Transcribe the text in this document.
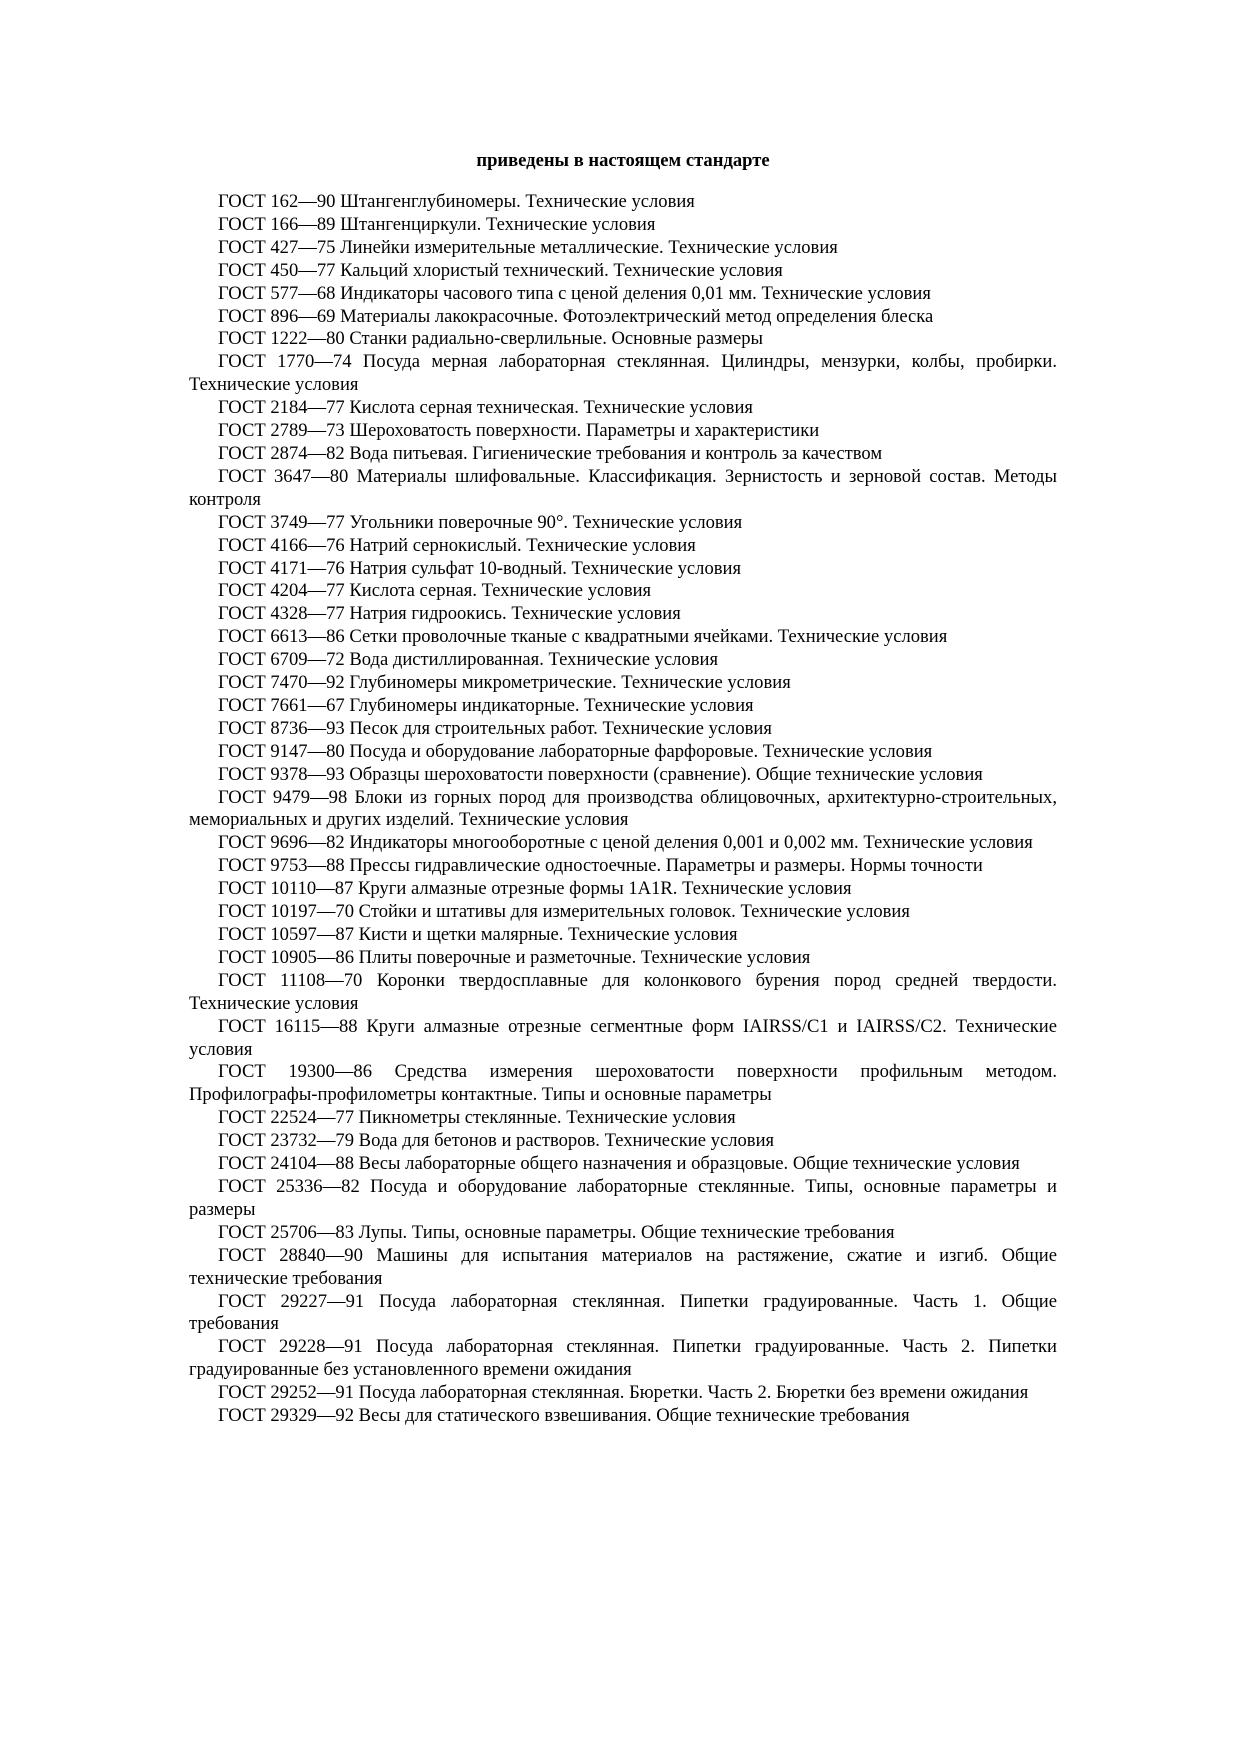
приведены в настоящем стандарте

ГОСТ 162—90 Штангенглубиномеры. Технические условия

ГОСТ 166—89 Штангенциркули. Технические условия

ГОСТ 427—75 Линейки измерительные металлические. Технические условия

ГОСТ 450—77 Кальций хлористый технический. Технические условия

ГОСТ 577—68 Индикаторы часового типа с ценой деления 0,01 мм. Технические условия

ГОСТ 896—69 Материалы лакокрасочные. Фотоэлектрический метод определения блеска

ГОСТ 1222—80 Станки радиально-сверлильные. Основные размеры

ГОСТ 1770—74 Посуда мерная лабораторная стеклянная. Цилиндры, мензурки, колбы, пробирки. Технические условия

ГОСТ 2184—77 Кислота серная техническая. Технические условия

ГОСТ 2789—73 Шероховатость поверхности. Параметры и характеристики

ГОСТ 2874—82 Вода питьевая. Гигиенические требования и контроль за качеством

ГОСТ 3647—80 Материалы шлифовальные. Классификация. Зернистость и зерновой состав. Методы контроля

ГОСТ 3749—77 Угольники поверочные 90°. Технические условия

ГОСТ 4166—76 Натрий сернокислый. Технические условия

ГОСТ 4171—76 Натрия сульфат 10-водный. Технические условия

ГОСТ 4204—77 Кислота серная. Технические условия

ГОСТ 4328—77 Натрия гидроокись. Технические условия

ГОСТ 6613—86 Сетки проволочные тканые с квадратными ячейками. Технические условия

ГОСТ 6709—72 Вода дистиллированная. Технические условия

ГОСТ 7470—92 Глубиномеры микрометрические. Технические условия

ГОСТ 7661—67 Глубиномеры индикаторные. Технические условия

ГОСТ 8736—93 Песок для строительных работ. Технические условия

ГОСТ 9147—80 Посуда и оборудование лабораторные фарфоровые. Технические условия

ГОСТ 9378—93 Образцы шероховатости поверхности (сравнение). Общие технические условия

ГОСТ 9479—98 Блоки из горных пород для производства облицовочных, архитектурно-строительных, мемориальных и других изделий. Технические условия

ГОСТ 9696—82 Индикаторы многооборотные с ценой деления 0,001 и 0,002 мм. Технические условия

ГОСТ 9753—88 Прессы гидравлические одностоечные. Параметры и размеры. Нормы точности

ГОСТ 10110—87 Круги алмазные отрезные формы 1A1R. Технические условия

ГОСТ 10197—70 Стойки и штативы для измерительных головок. Технические условия

ГОСТ 10597—87 Кисти и щетки малярные. Технические условия

ГОСТ 10905—86 Плиты поверочные и разметочные. Технические условия

ГОСТ 11108—70 Коронки твердосплавные для колонкового бурения пород средней твердости. Технические условия

ГОСТ 16115—88 Круги алмазные отрезные сегментные форм IAIRSS/C1 и IAIRSS/C2. Технические условия

ГОСТ 19300—86 Средства измерения шероховатости поверхности профильным методом. Профилографы-профилометры контактные. Типы и основные параметры

ГОСТ 22524—77 Пикнометры стеклянные. Технические условия

ГОСТ 23732—79 Вода для бетонов и растворов. Технические условия

ГОСТ 24104—88 Весы лабораторные общего назначения и образцовые. Общие технические условия

ГОСТ 25336—82 Посуда и оборудование лабораторные стеклянные. Типы, основные параметры и размеры

ГОСТ 25706—83 Лупы. Типы, основные параметры. Общие технические требования

ГОСТ 28840—90 Машины для испытания материалов на растяжение, сжатие и изгиб. Общие технические требования

ГОСТ 29227—91 Посуда лабораторная стеклянная. Пипетки градуированные. Часть 1. Общие требования

ГОСТ 29228—91 Посуда лабораторная стеклянная. Пипетки градуированные. Часть 2. Пипетки градуированные без установленного времени ожидания

ГОСТ 29252—91 Посуда лабораторная стеклянная. Бюретки. Часть 2. Бюретки без времени ожидания

ГОСТ 29329—92 Весы для статического взвешивания. Общие технические требования
